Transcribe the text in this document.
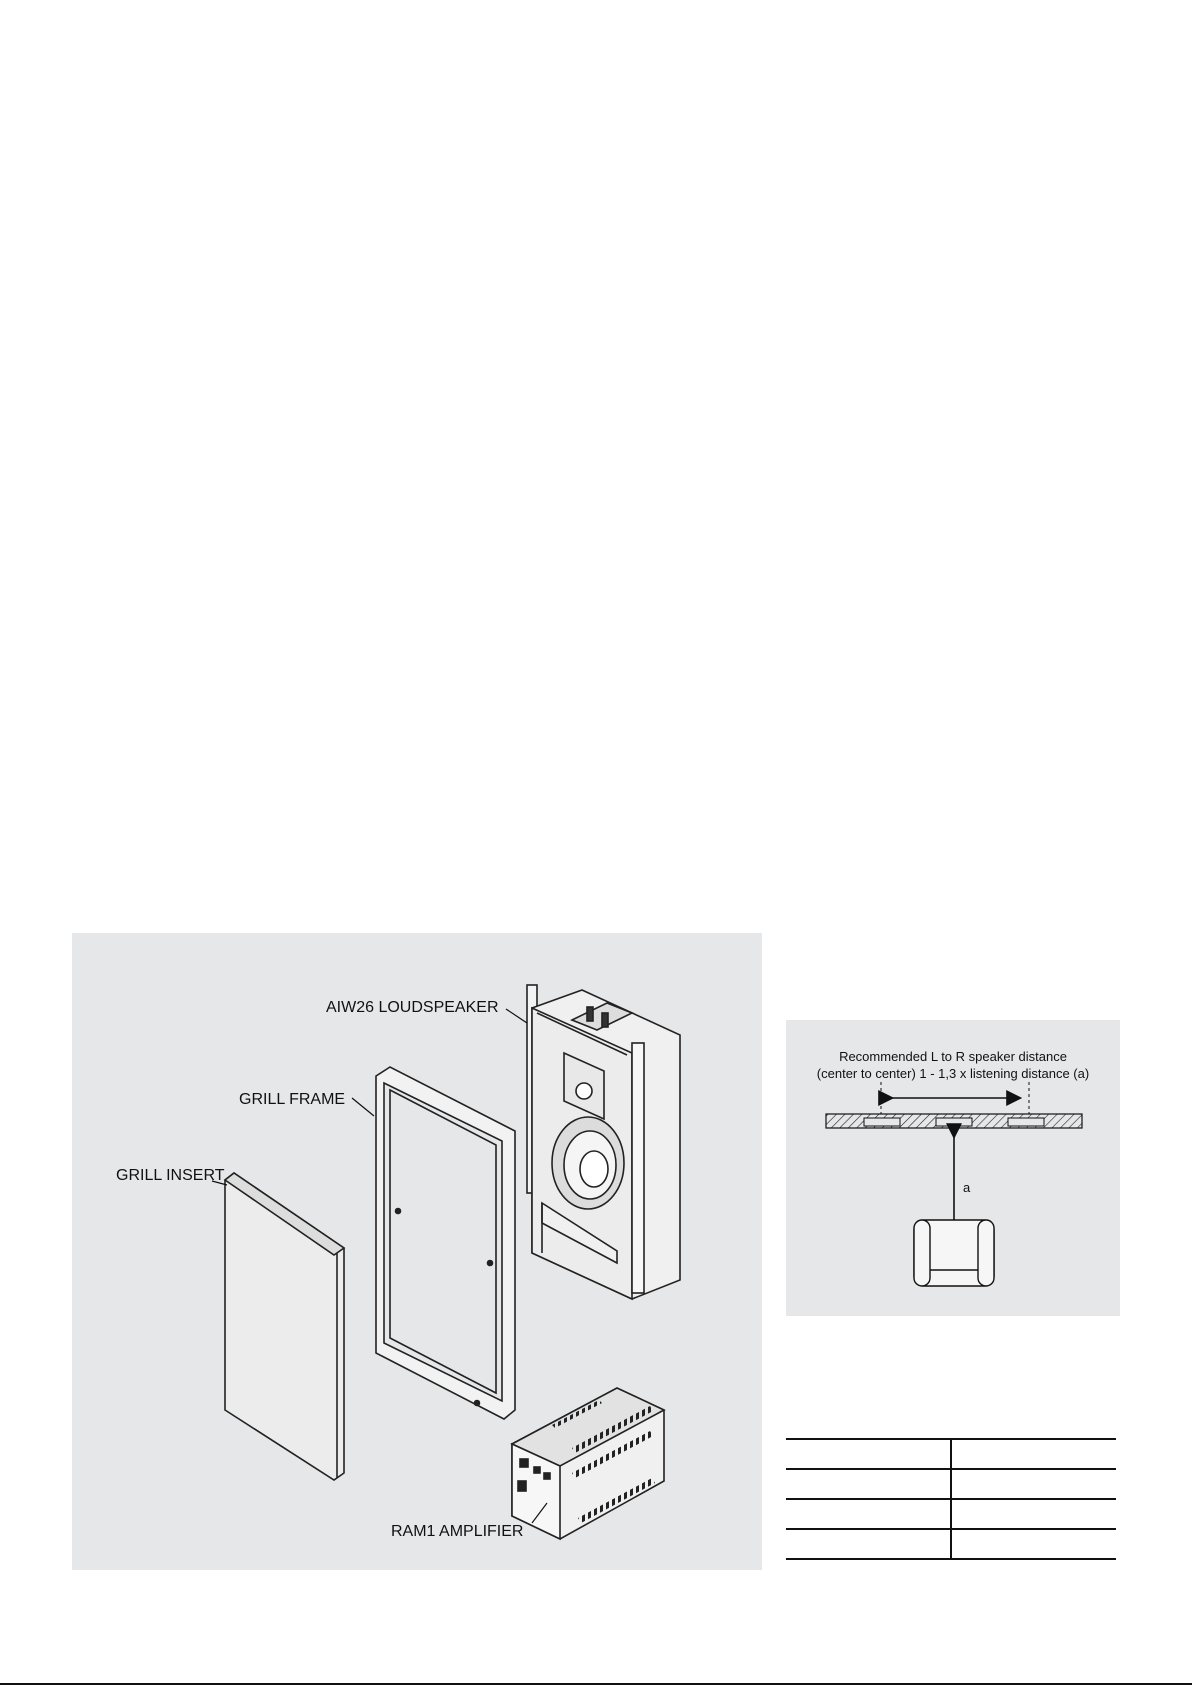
AIW26 LOUDSPEAKER
GRILL FRAME
GRILL INSERT
RAM1 AMPLIFIER
Recommended L to R speaker distance
(center to center) 1 - 1,3 x listening distance (a)
a
